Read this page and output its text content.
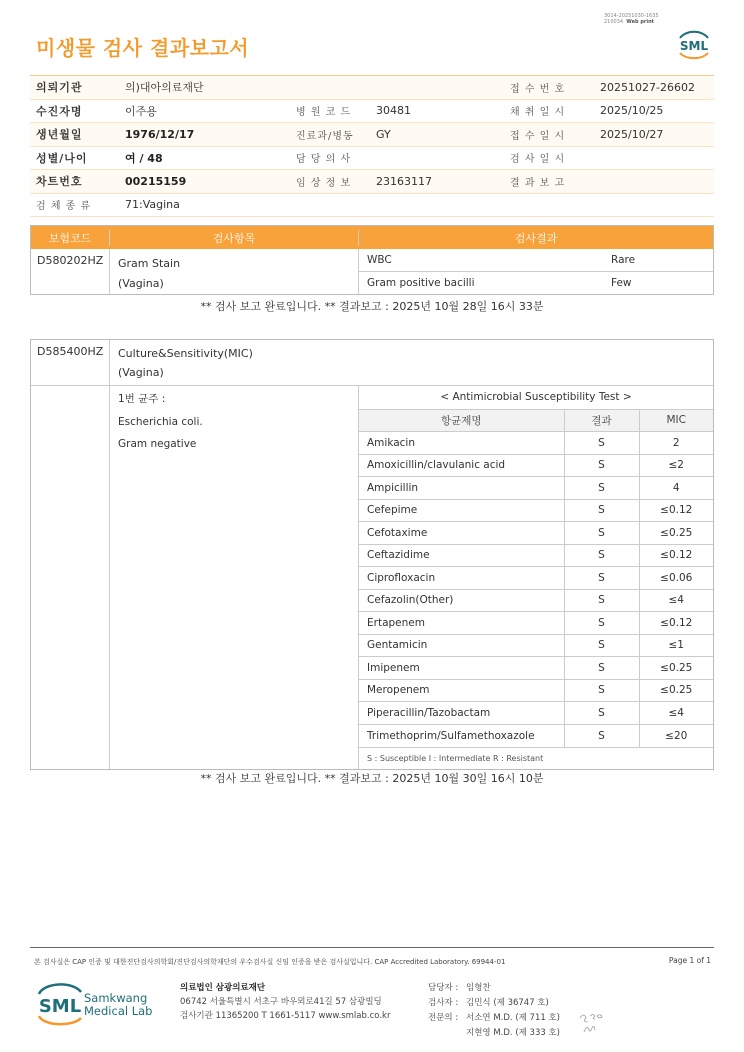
3014-20251030-1635
210034 Web print
미생물 검사 결과보고서	SML
의뢰기관	의)대아의료재단	접 수 번 호	20251027-26602
수진자명	이주용	병 원 코 드	30481	채 취 일 시	2025/10/25
생년월일	1976/12/17	진료과/병동	GY	접 수 일 시	2025/10/27
성별/나이	여 / 48	담 당 의 사	검 사 일 시
차트번호	00215159	임 상 정 보	23163117	결 과 보 고
검 체 종 류	71:Vagina
보험코드	검사항목	검사결과
D580202HZ	Gram Stain
(Vagina)
WBC	Rare
Gram positive bacilli	Few
** 검사 보고 완료입니다. ** 결과보고 : 2025년 10월 28일 16시 33분
D585400HZ	Culture&Sensitivity(MIC)
(Vagina)
1번 균주 :
Escherichia coli.
Gram negative
< Antimicrobial Susceptibility Test >
항균제명	결과	MIC
Amikacin	S	2
Amoxicillin/clavulanic acid	S	≤2
Ampicillin	S	4
Cefepime	S	≤0.12
Cefotaxime	S	≤0.25
Ceftazidime	S	≤0.12
Ciprofloxacin	S	≤0.06
Cefazolin(Other)	S	≤4
Ertapenem	S	≤0.12
Gentamicin	S	≤1
Imipenem	S	≤0.25
Meropenem	S	≤0.25
Piperacillin/Tazobactam	S	≤4
Trimethoprim/Sulfamethoxazole	S	≤20
S : Susceptible I : Intermediate R : Resistant
** 검사 보고 완료입니다. ** 결과보고 : 2025년 10월 30일 16시 10분
본 검사실은 CAP 인증 및 대한진단검사의학회/진단검사의학재단의 우수검사실 신임 인증을 받은 검사실입니다. CAP Accredited Laboratory. 69944-01	Page 1 of 1
SML Samkwang
Medical Lab
의료법인 삼광의료재단
06742 서울특별시 서초구 바우뫼로41길 57 삼광빌딩
검사기관 11365200 T 1661-5117 www.smlab.co.kr
담당자 : 임형찬
검사자 : 김민식 (제 36747 호)
전문의 : 서소연 M.D. (제 711 호)
지현영 M.D. (제 333 호)
